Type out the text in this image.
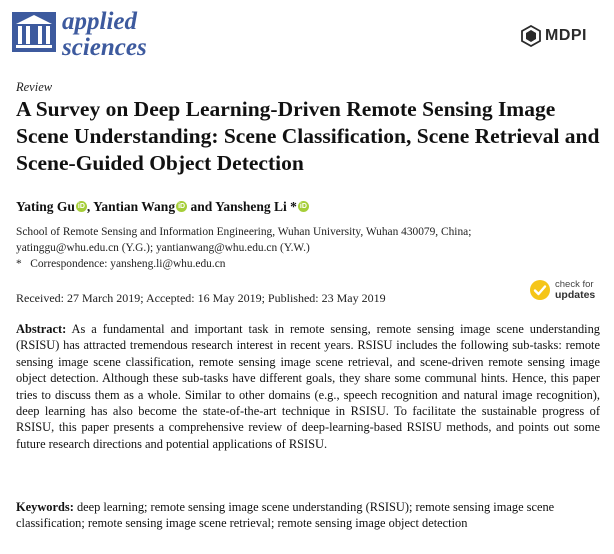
applied
sciences	MDPI
Review
A Survey on Deep Learning-Driven Remote Sensing Image Scene Understanding: Scene Classification, Scene Retrieval and Scene-Guided Object Detection
Yating Gu iD , Yantian Wang iD and Yansheng Li * iD

School of Remote Sensing and Information Engineering, Wuhan University, Wuhan 430079, China;

yatinggu@whu.edu.cn (Y.G.); yantianwang@whu.edu.cn (Y.W.)

*   Correspondence: yansheng.li@whu.edu.cn

check for
updates
Received: 27 March 2019; Accepted: 16 May 2019; Published: 23 May 2019

Abstract: As a fundamental and important task in remote sensing, remote sensing image scene understanding (RSISU) has attracted tremendous research interest in recent years. RSISU includes the following sub-tasks: remote sensing image scene classification, remote sensing image scene retrieval, and scene-driven remote sensing image object detection. Although these sub-tasks have different goals, they share some communal hints. Hence, this paper tries to discuss them as a whole. Similar to other domains (e.g., speech recognition and natural image recognition), deep learning has also become the state-of-the-art technique in RSISU. To facilitate the sustainable progress of RSISU, this paper presents a comprehensive review of deep-learning-based RSISU methods, and points out some future research directions and potential applications of RSISU.

Keywords: deep learning; remote sensing image scene understanding (RSISU); remote sensing image scene classification; remote sensing image scene retrieval; remote sensing image object detection
